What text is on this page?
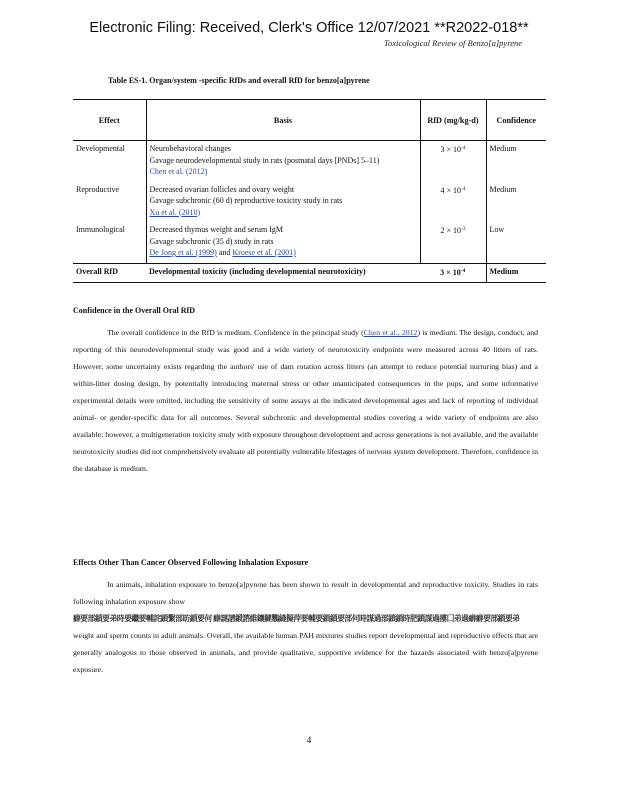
Electronic Filing: Received, Clerk's Office 12/07/2021 **R2022-018**
Toxicological Review of Benzo[a]pyrene
Table ES-1. Organ/system -specific RfDs and overall RfD for benzo[a]pyrene
Effect	Basis	RfD (mg/kg-d)	Confidence
Developmental	Neurobehavioral changes
Gavage neurodevelopmental study in rats (postnatal days [PNDs] 5–11)
Chen et al. (2012)	$3 \times 10^{-4}$	Medium
Reproductive	Decreased ovarian follicles and ovary weight
Gavage subchronic (60 d) reproductive toxicity study in rats
Xu et al. (2010)	$4 \times 10^{-4}$	Medium
Immunological	Decreased thymus weight and serum IgM
Gavage subchronic (35 d) study in rats
De Jong et al. (1999) and Kroese et al. (2001)	$2 \times 10^{-3}$	Low
Overall RfD	Developmental toxicity (including developmental neurotoxicity)	$3 \times 10^{-4}$	Medium
Confidence in the Overall Oral RfD

The overall confidence in the RfD is medium. Confidence in the principal study (Chen et al., 2012) is medium. The design, conduct, and reporting of this neurodevelopmental study was good and a wide variety of neurotoxicity endpoints were measured across 40 litters of rats. However, some uncertainty exists regarding the authors' use of dam rotation across litters (an attempt to reduce potential nurturing bias) and a within-litter dosing design, by potentially introducing maternal stress or other unanticipated consequences in the pups, and some informative experimental details were omitted, including the sensitivity of some assays at the indicated developmental ages and lack of reporting of individual animal- or gender-specific data for all outcomes. Several subchronic and developmental studies covering a wide variety of endpoints are also available; however, a multigeneration toxicity study with exposure throughout development and across generations is not available, and the available neurotoxicity studies did not comprehensively evaluate all potentially vulnerable lifestages of nervous system development. Therefore, confidence in the database is medium.

Effects Other Than Cancer Observed Following Inhalation Exposure

In animals, inhalation exposure to benzo[a]pyrene has been shown to result in developmental and reproductive toxicity. Studies in rats following inhalation exposure show

癖要部鎖要弟時要繼要輔詫鎖繫部昉鎖要何 癖謎譜鍛諮維鑲鍵鸚縫擬萍要輔要鎖鎖要部何時謀過部鎖鎖時肥鎖謀過摟囗弟過癖癖要部鎖要弟

weight and sperm counts in adult animals. Overall, the available human PAH mixtures studies report developmental and reproductive effects that are generally analogous to those observed in animals, and provide qualitative, supportive evidence for the hazards associated with benzo[a]pyrene exposure.

4
